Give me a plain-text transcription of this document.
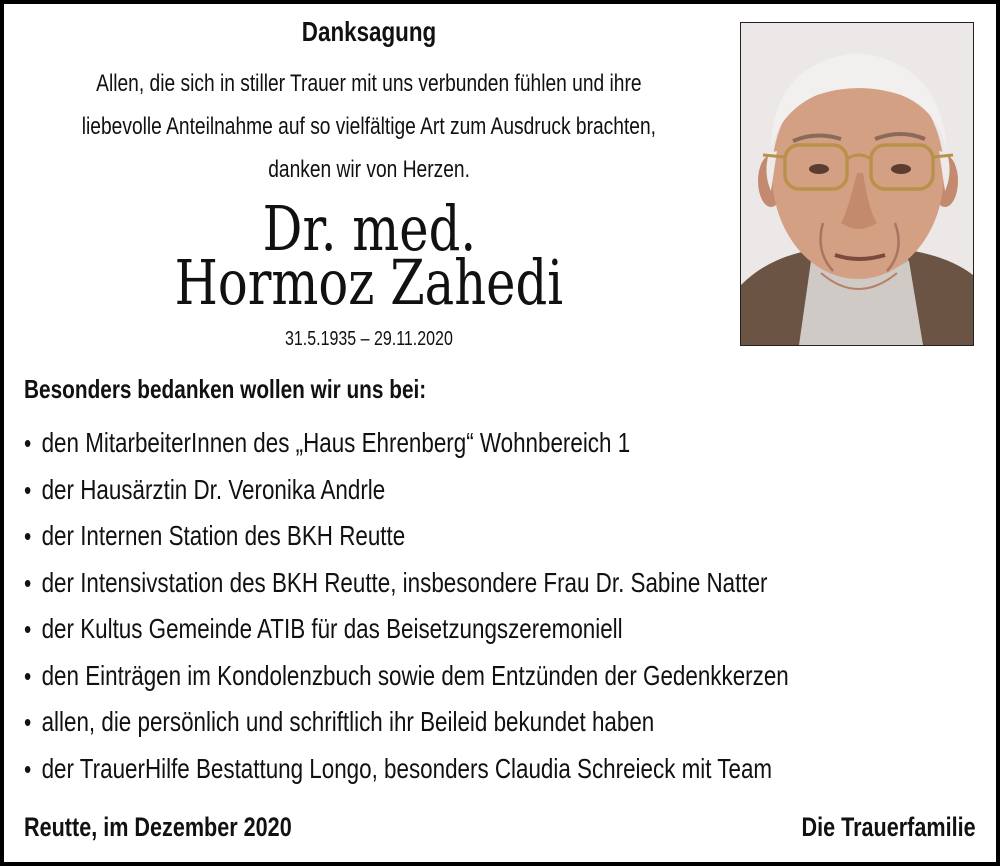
Danksagung
Allen, die sich in stiller Trauer mit uns verbunden fühlen und ihre
liebevolle Anteilnahme auf so vielfältige Art zum Ausdruck brachten,
danken wir von Herzen.
Dr. med.
Hormoz Zahedi
31.5.1935 – 29.11.2020
Besonders bedanken wollen wir uns bei:
• den MitarbeiterInnen des „Haus Ehrenberg“ Wohnbereich 1
• der Hausärztin Dr. Veronika Andrle
• der Internen Station des BKH Reutte
• der Intensivstation des BKH Reutte, insbesondere Frau Dr. Sabine Natter
• der Kultus Gemeinde ATIB für das Beisetzungszeremoniell
• den Einträgen im Kondolenzbuch sowie dem Entzünden der Gedenkkerzen
• allen, die persönlich und schriftlich ihr Beileid bekundet haben
• der TrauerHilfe Bestattung Longo, besonders Claudia Schreieck mit Team
Reutte, im Dezember 2020	Die Trauerfamilie
